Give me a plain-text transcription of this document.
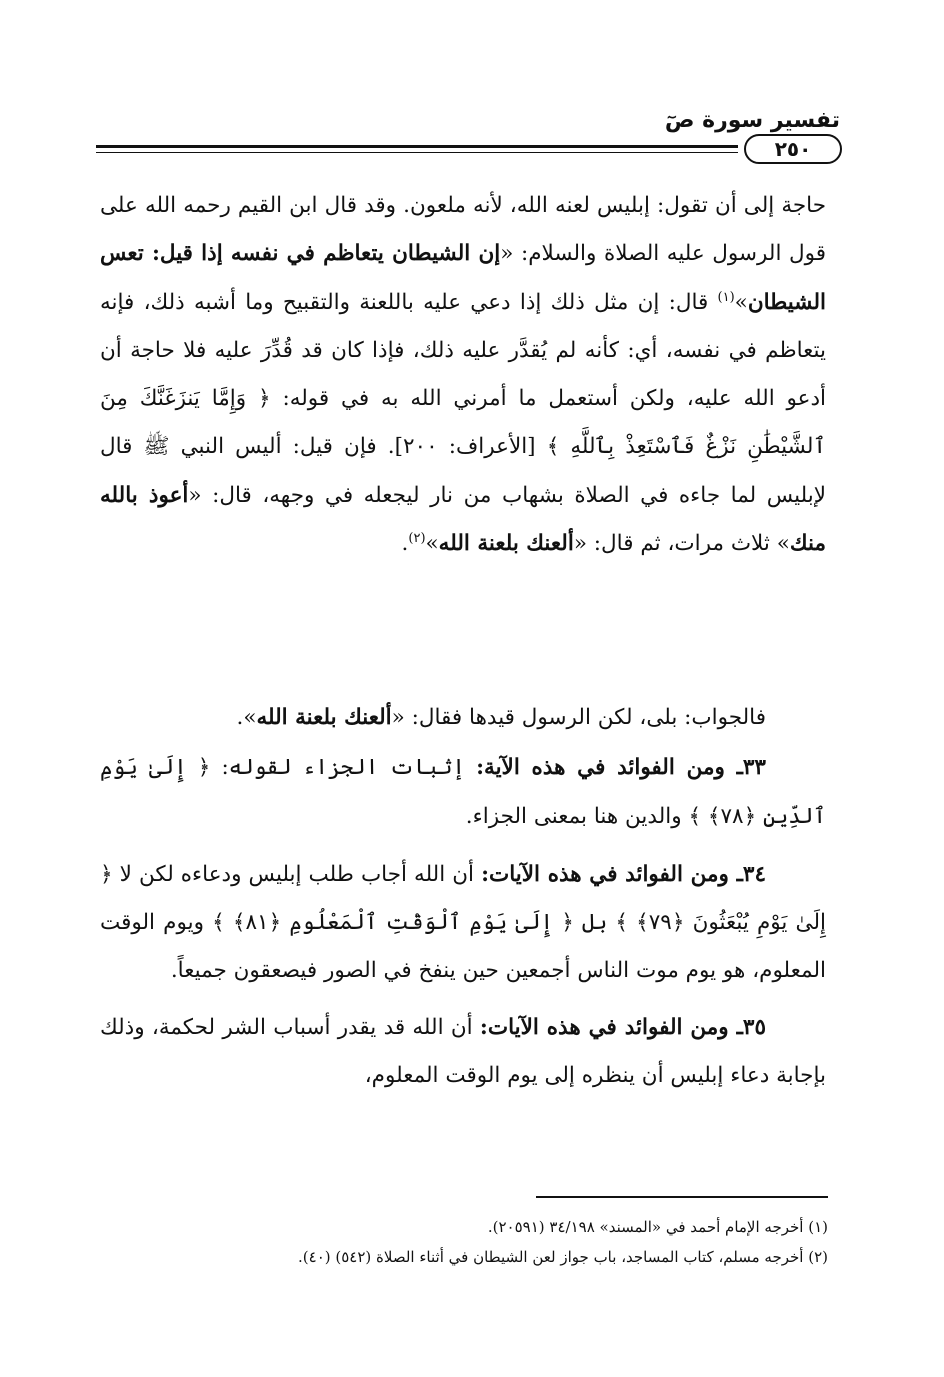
تفسير سورة صٓ
٢٥٠

حاجة إلى أن تقول: إبليس لعنه الله، لأنه ملعون. وقد قال ابن القيم رحمه الله على قول الرسول عليه الصلاة والسلام: «إن الشيطان يتعاظم في نفسه إذا قيل: تعس الشيطان»$^{(١)}$ قال: إن مثل ذلك إذا دعي عليه باللعنة والتقبيح وما أشبه ذلك، فإنه يتعاظم في نفسه، أي: كأنه لم يُقدَّر عليه ذلك، فإذا كان قد قُدِّرَ عليه فلا حاجة أن أدعو الله عليه، ولكن أستعمل ما أمرني الله به في قوله: ﴿ وَإِمَّا يَنزَغَنَّكَ مِنَ ٱلشَّيْطَٰنِ نَزْغٌ فَٱسْتَعِذْ بِٱللَّهِ ﴾ [الأعراف: ٢٠٠]. فإن قيل: أليس النبي ﷺ قال لإبليس لما جاءه في الصلاة بشهاب من نار ليجعله في وجهه، قال: «أعوذ بالله منك» ثلاث مرات، ثم قال: «ألعنك بلعنة الله»$^{(٢)}$.

فالجواب: بلى، لكن الرسول قيدها فقال: «ألعنك بلعنة الله».

٣٣ـ ومن الفوائد في هذه الآية: إثبات الجزاء لقوله: ﴿ إِلَىٰ يَوْمِ ٱلدِّينِ ﴿٧٨﴾ ﴾ والدين هنا بمعنى الجزاء.

٣٤ـ ومن الفوائد في هذه الآيات: أن الله أجاب طلب إبليس ودعاءه لكن لا ﴿ إِلَىٰ يَوْمِ يُبْعَثُونَ ﴿٧٩﴾ ﴾ بل ﴿ إِلَىٰ يَوْمِ ٱلْوَقْتِ ٱلْمَعْلُومِ ﴿٨١﴾ ﴾ ويوم الوقت المعلوم، هو يوم موت الناس أجمعين حين ينفخ في الصور فيصعقون جميعاً.

٣٥ـ ومن الفوائد في هذه الآيات: أن الله قد يقدر أسباب الشر لحكمة، وذلك بإجابة دعاء إبليس أن ينظره إلى يوم الوقت المعلوم،

(١) أخرجه الإمام أحمد في «المسند» ٣٤/١٩٨ (٢٠٥٩١).

(٢) أخرجه مسلم، كتاب المساجد، باب جواز لعن الشيطان في أثناء الصلاة (٥٤٢) (٤٠).
